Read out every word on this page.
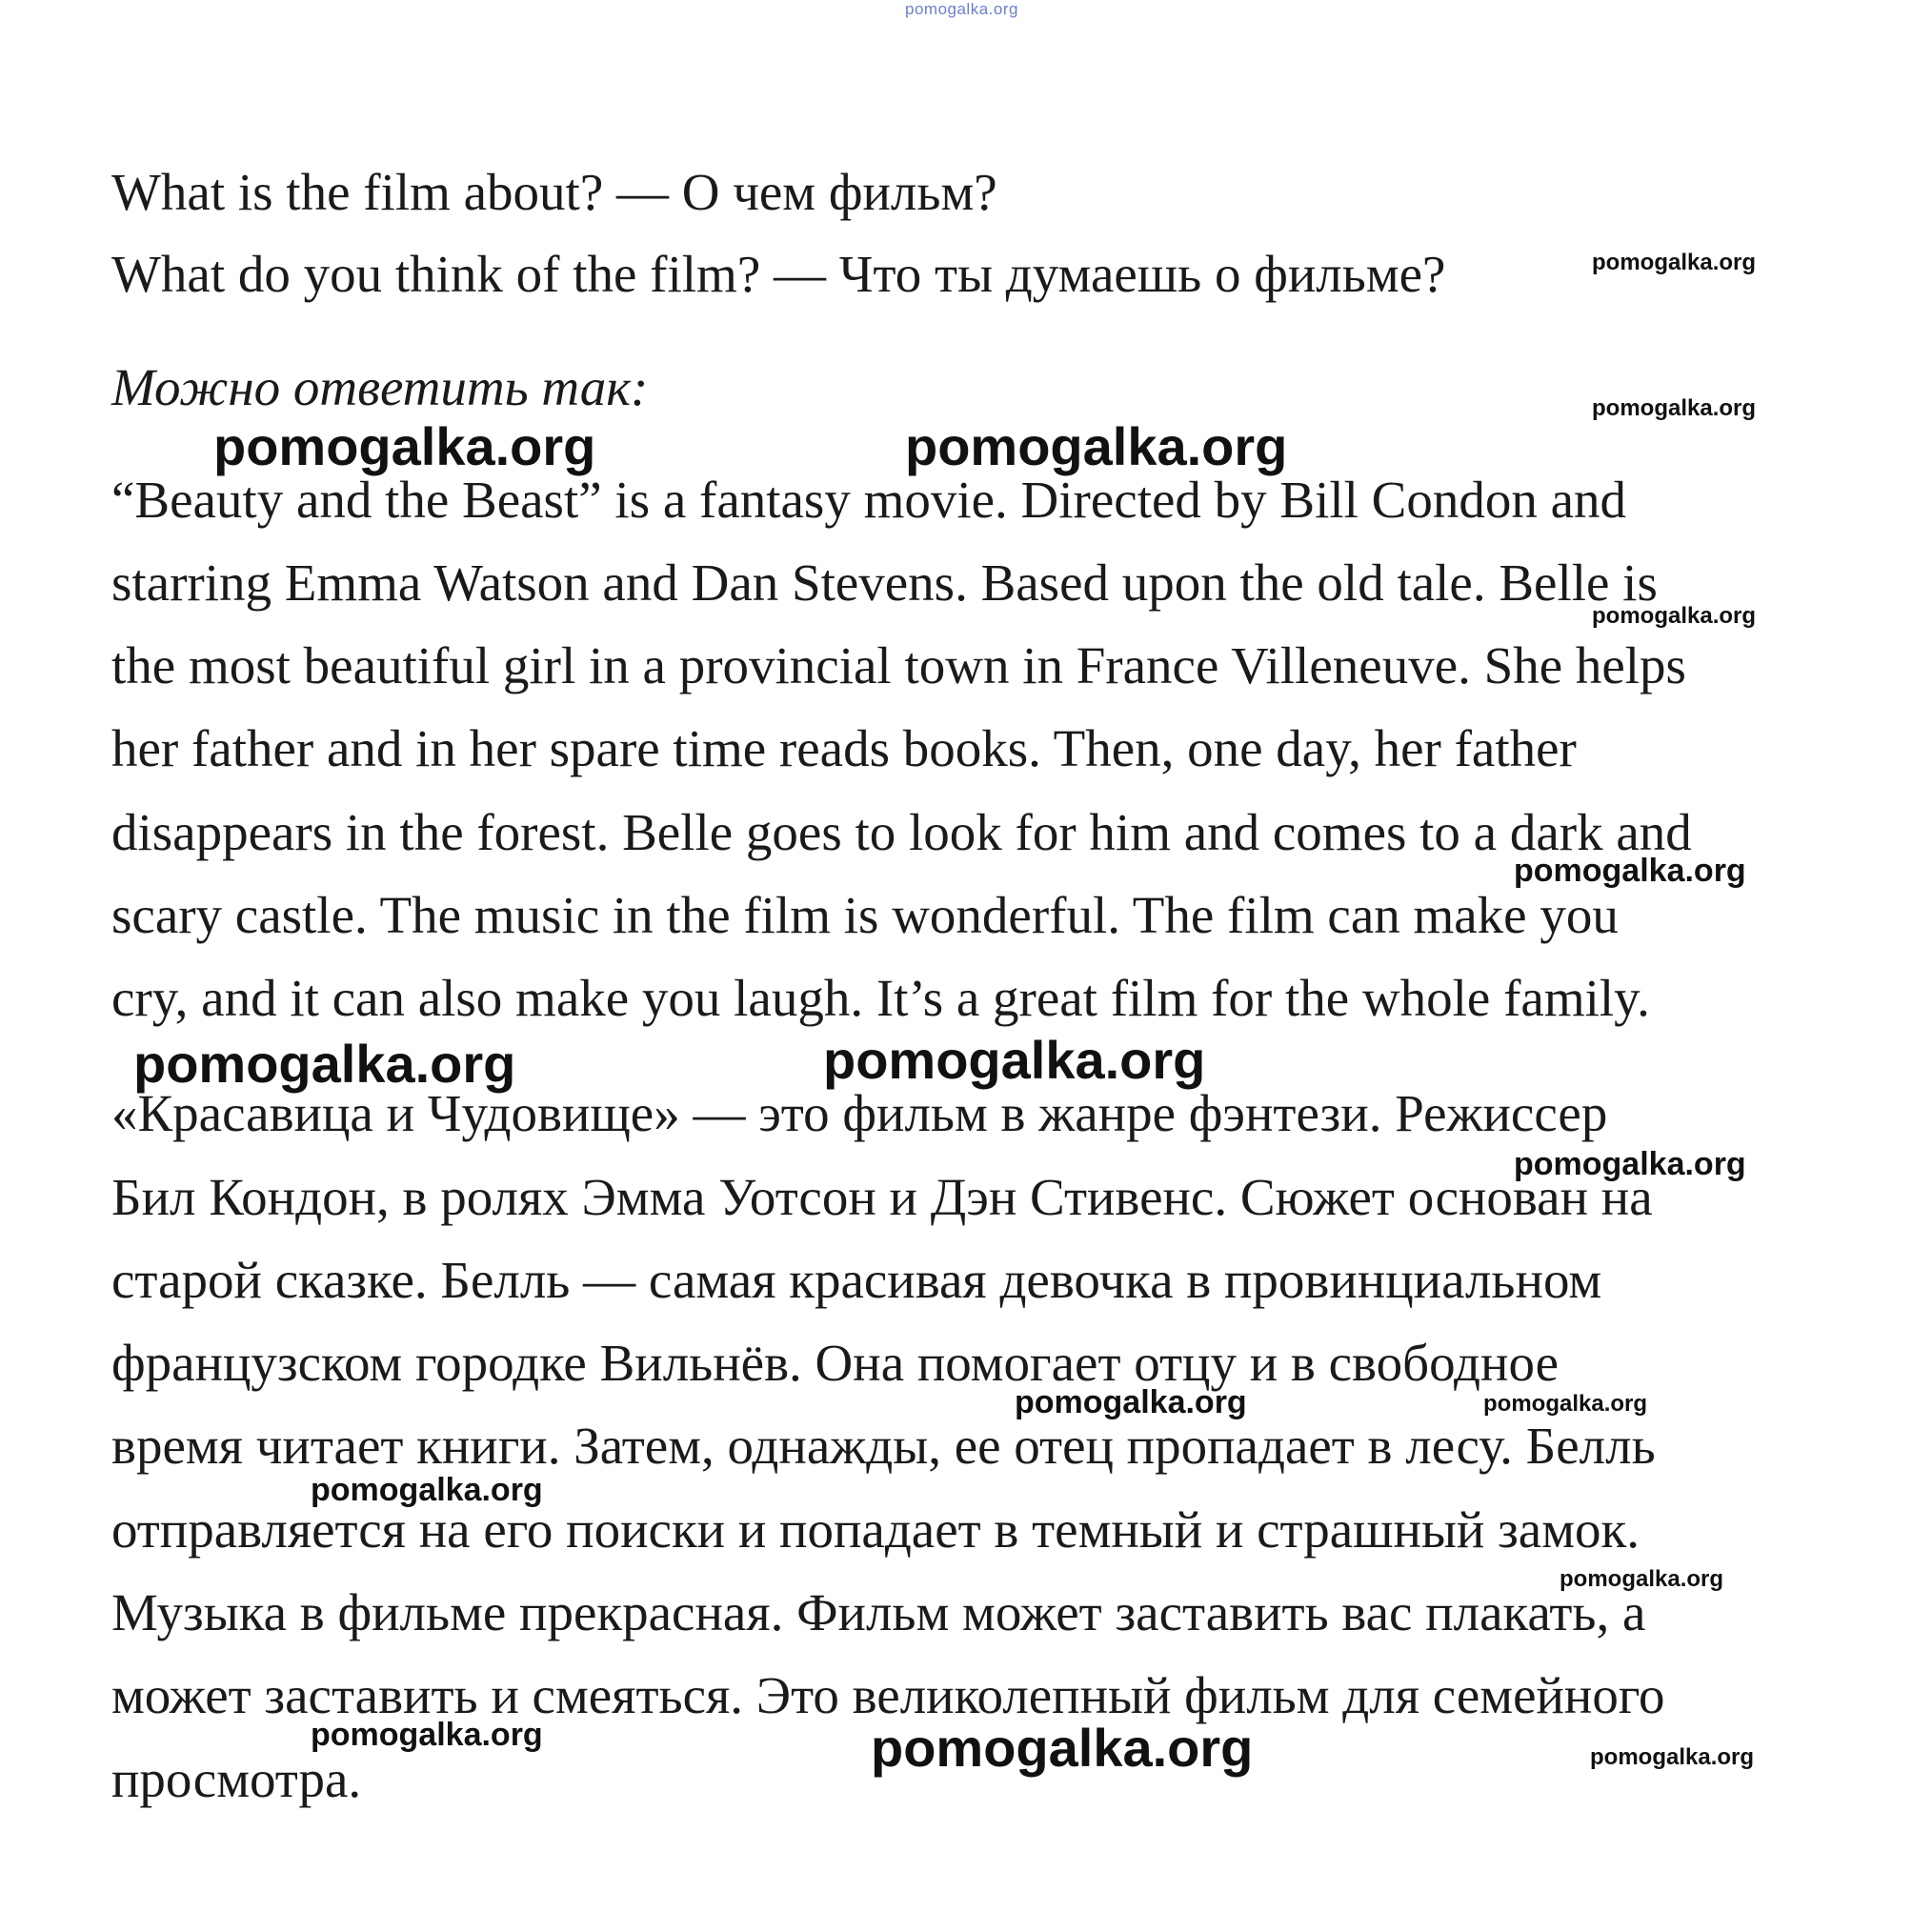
pomogalka.org
What is the film about? — О чем фильм?
What do you think of the film? — Что ты думаешь о фильме?
Можно ответить так:
“Beauty and the Beast” is a fantasy movie. Directed by Bill Condon and
starring Emma Watson and Dan Stevens. Based upon the old tale. Belle is
the most beautiful girl in a provincial town in France Villeneuve. She helps
her father and in her spare time reads books. Then, one day, her father
disappears in the forest. Belle goes to look for him and comes to a dark and
scary castle. The music in the film is wonderful. The film can make you
cry, and it can also make you laugh. It’s a great film for the whole family.
«Красавица и Чудовище» — это фильм в жанре фэнтези. Режиссер
Бил Кондон, в ролях Эмма Уотсон и Дэн Стивенс. Сюжет основан на
старой сказке. Белль — самая красивая девочка в провинциальном
французском городке Вильнёв. Она помогает отцу и в свободное
время читает книги. Затем, однажды, ее отец пропадает в лесу. Белль
отправляется на его поиски и попадает в темный и страшный замок.
Музыка в фильме прекрасная. Фильм может заставить вас плакать, а
может заставить и смеяться. Это великолепный фильм для семейного
просмотра.
pomogalka.org
pomogalka.org
pomogalka.org	pomogalka.org
pomogalka.org
pomogalka.org
pomogalka.org	pomogalka.org
pomogalka.org
pomogalka.org	pomogalka.org
pomogalka.org
pomogalka.org
pomogalka.org	pomogalka.org	pomogalka.org
